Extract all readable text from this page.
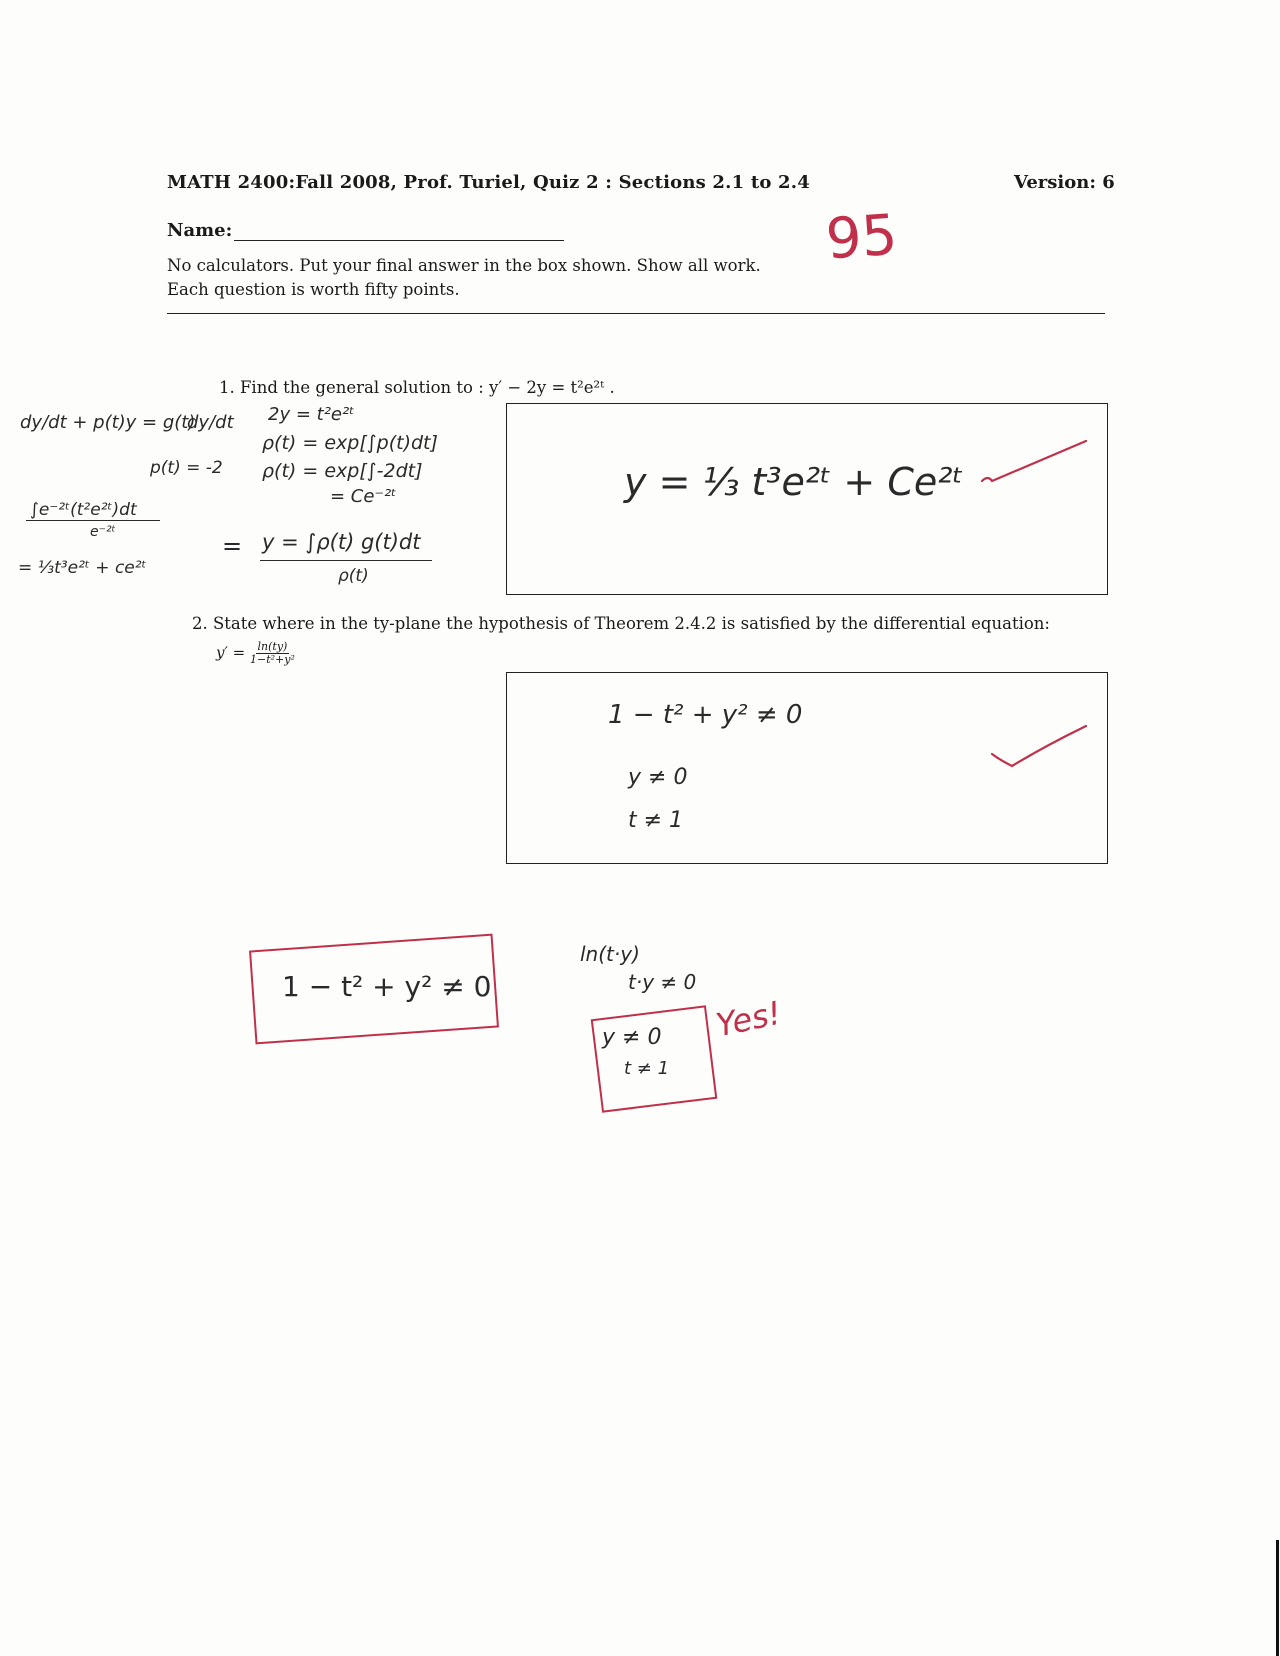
MATH 2400:Fall 2008, Prof. Turiel, Quiz 2 : Sections 2.1 to 2.4	Version: 6
Name:
No calculators. Put your final answer in the box shown. Show all work.
Each question is worth fifty points.
95
1. Find the general solution to : y′ − 2y = t²e²ᵗ .
dy/dt + p(t)y = g(t)
dy/dt
p(t) = -2
2y = t²e²ᵗ
ρ(t) = exp[∫p(t)dt]
ρ(t) = exp[∫-2dt]
= Ce⁻²ᵗ
=
∫e⁻²ᵗ(t²e²ᵗ)dt
e⁻²ᵗ
= ⅓t³e²ᵗ + ce²ᵗ
y = ∫ρ(t) g(t)dt
ρ(t)
y = ⅓ t³e²ᵗ + Ce²ᵗ
2. State where in the ty-plane the hypothesis of Theorem 2.4.2 is satisfied by the differential equation:
$y' = \frac{\ln(ty)}{\text{1−t²+y²}}$
1 − t² + y² ≠ 0
y ≠ 0
t ≠ 1
1 − t² + y² ≠ 0
ln(t·y)
t·y ≠ 0
y ≠ 0
t ≠ 1
Yes!
